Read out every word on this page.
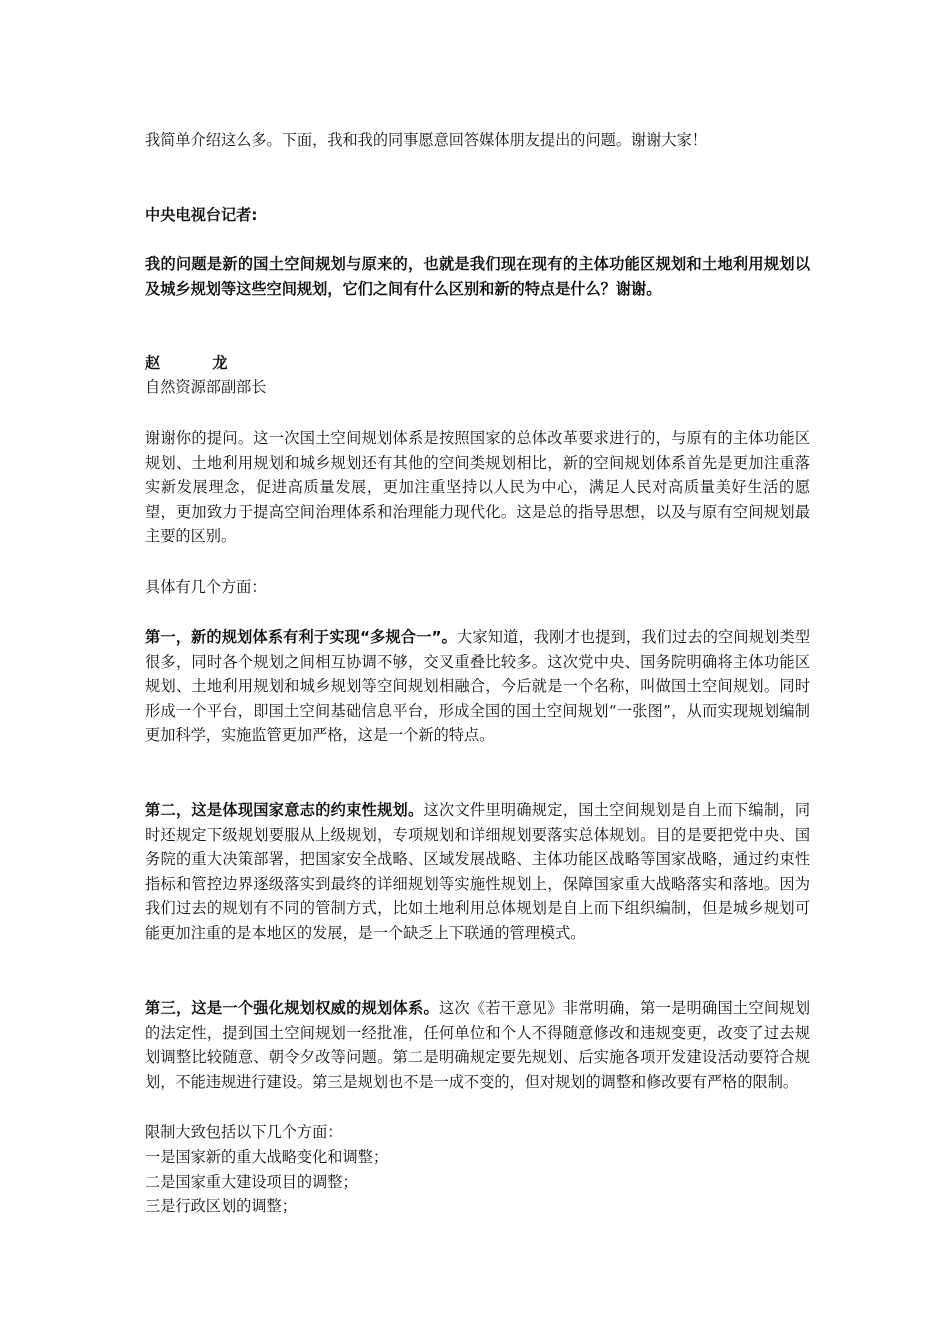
我简单介绍这么多。下面，我和我的同事愿意回答媒体朋友提出的问题。谢谢大家！

中央电视台记者:

我的问题是新的国土空间规划与原来的，也就是我们现在现有的主体功能区规划和土地利用规划以及城乡规划等这些空间规划，它们之间有什么区别和新的特点是什么？谢谢。

赵	龙

自然资源部副部长

谢谢你的提问。这一次国土空间规划体系是按照国家的总体改革要求进行的，与原有的主体功能区规划、土地利用规划和城乡规划还有其他的空间类规划相比，新的空间规划体系首先是更加注重落实新发展理念，促进高质量发展，更加注重坚持以人民为中心，满足人民对高质量美好生活的愿望，更加致力于提高空间治理体系和治理能力现代化。这是总的指导思想，以及与原有空间规划最主要的区别。

具体有几个方面：

第一，新的规划体系有利于实现“多规合一”。大家知道，我刚才也提到，我们过去的空间规划类型很多，同时各个规划之间相互协调不够，交叉重叠比较多。这次党中央、国务院明确将主体功能区规划、土地利用规划和城乡规划等空间规划相融合，今后就是一个名称，叫做国土空间规划。同时形成一个平台，即国土空间基础信息平台，形成全国的国土空间规划“一张图”，从而实现规划编制更加科学，实施监管更加严格，这是一个新的特点。

第二，这是体现国家意志的约束性规划。这次文件里明确规定，国土空间规划是自上而下编制，同时还规定下级规划要服从上级规划，专项规划和详细规划要落实总体规划。目的是要把党中央、国务院的重大决策部署，把国家安全战略、区域发展战略、主体功能区战略等国家战略，通过约束性指标和管控边界逐级落实到最终的详细规划等实施性规划上，保障国家重大战略落实和落地。因为我们过去的规划有不同的管制方式，比如土地利用总体规划是自上而下组织编制，但是城乡规划可能更加注重的是本地区的发展，是一个缺乏上下联通的管理模式。

第三，这是一个强化规划权威的规划体系。这次《若干意见》非常明确，第一是明确国土空间规划的法定性，提到国土空间规划一经批准，任何单位和个人不得随意修改和违规变更，改变了过去规划调整比较随意、朝令夕改等问题。第二是明确规定要先规划、后实施各项开发建设活动要符合规划，不能违规进行建设。第三是规划也不是一成不变的，但对规划的调整和修改要有严格的限制。

限制大致包括以下几个方面：

一是国家新的重大战略变化和调整；

二是国家重大建设项目的调整；

三是行政区划的调整；
